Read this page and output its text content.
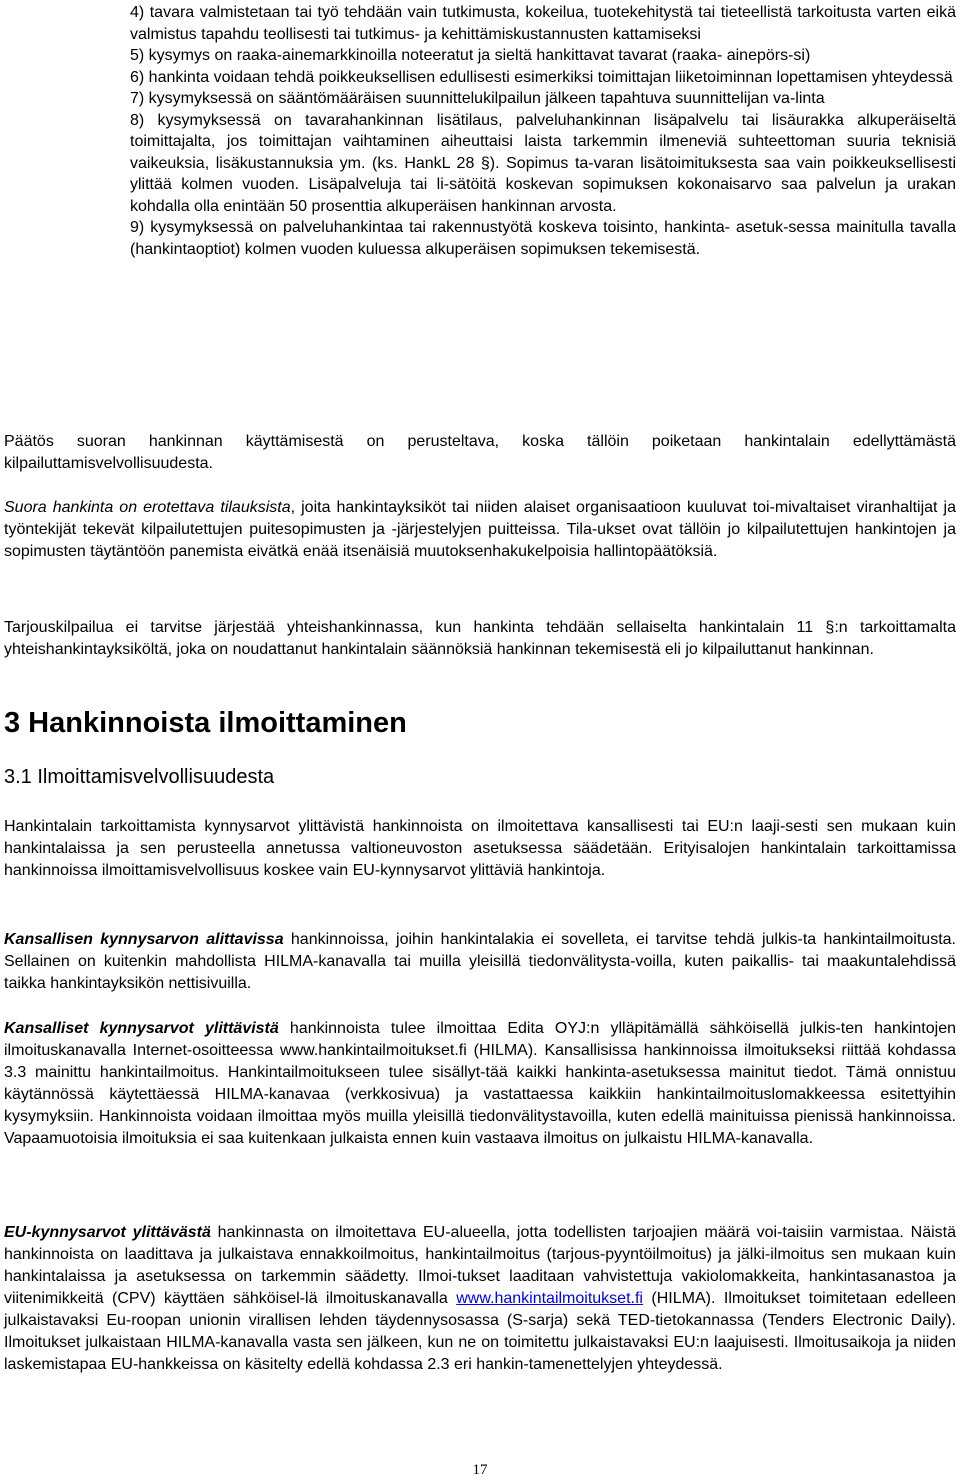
4) tavara valmistetaan tai työ tehdään vain tutkimusta, kokeilua, tuotekehitystä tai tieteellistä tarkoitusta varten eikä valmistus tapahdu teollisesti tai tutkimus- ja kehittämiskustannusten kattamiseksi

5) kysymys on raaka-ainemarkkinoilla noteeratut ja sieltä hankittavat tavarat (raaka- ainepörs-si)

6) hankinta voidaan tehdä poikkeuksellisen edullisesti esimerkiksi toimittajan liiketoiminnan lopettamisen yhteydessä

7) kysymyksessä on sääntömääräisen suunnittelukilpailun jälkeen tapahtuva suunnittelijan va-linta

8) kysymyksessä on tavarahankinnan lisätilaus, palveluhankinnan lisäpalvelu tai lisäurakka alkuperäiseltä toimittajalta, jos toimittajan vaihtaminen aiheuttaisi laista tarkemmin ilmeneviä suhteettoman suuria teknisiä vaikeuksia, lisäkustannuksia ym. (ks. HankL 28 §). Sopimus ta-varan lisätoimituksesta saa vain poikkeuksellisesti ylittää kolmen vuoden. Lisäpalveluja tai li-sätöitä koskevan sopimuksen kokonaisarvo saa palvelun ja urakan kohdalla olla enintään 50 prosenttia alkuperäisen hankinnan arvosta.

9) kysymyksessä on palveluhankintaa tai rakennustyötä koskeva toisinto, hankinta- asetuk-sessa mainitulla tavalla (hankintaoptiot) kolmen vuoden kuluessa alkuperäisen sopimuksen tekemisestä.

Päätös suoran hankinnan käyttämisestä on perusteltava, koska tällöin poiketaan hankintalain edellyttämästä kilpailuttamisvelvollisuudesta.

Suora hankinta on erotettava tilauksista, joita hankintayksiköt tai niiden alaiset organisaatioon kuuluvat toi-mivaltaiset viranhaltijat ja työntekijät tekevät kilpailutettujen puitesopimusten ja -järjestelyjen puitteissa. Tila-ukset ovat tällöin jo kilpailutettujen hankintojen ja sopimusten täytäntöön panemista eivätkä enää itsenäisiä muutoksenhakukelpoisia hallintopäätöksiä.

Tarjouskilpailua ei tarvitse järjestää yhteishankinnassa, kun hankinta tehdään sellaiselta hankintalain 11 §:n tarkoittamalta yhteishankintayksiköltä, joka on noudattanut hankintalain säännöksiä hankinnan tekemisestä eli jo kilpailuttanut hankinnan.

3 Hankinnoista ilmoittaminen
3.1 Ilmoittamisvelvollisuudesta

Hankintalain tarkoittamista kynnysarvot ylittävistä hankinnoista on ilmoitettava kansallisesti tai EU:n laaji-sesti sen mukaan kuin hankintalaissa ja sen perusteella annetussa valtioneuvoston asetuksessa säädetään. Erityisalojen hankintalain tarkoittamissa hankinnoissa ilmoittamisvelvollisuus koskee vain EU-kynnysarvot ylittäviä hankintoja.

Kansallisen kynnysarvon alittavissa hankinnoissa, joihin hankintalakia ei sovelleta, ei tarvitse tehdä julkis-ta hankintailmoitusta. Sellainen on kuitenkin mahdollista HILMA-kanavalla tai muilla yleisillä tiedonvälitysta-voilla, kuten paikallis- tai maakuntalehdissä taikka hankintayksikön nettisivuilla.

Kansalliset kynnysarvot ylittävistä hankinnoista tulee ilmoittaa Edita OYJ:n ylläpitämällä sähköisellä julkis-ten hankintojen ilmoituskanavalla Internet-osoitteessa www.hankintailmoitukset.fi (HILMA). Kansallisissa hankinnoissa ilmoitukseksi riittää kohdassa 3.3 mainittu hankintailmoitus. Hankintailmoitukseen tulee sisällyt-tää kaikki hankinta-asetuksessa mainitut tiedot. Tämä onnistuu käytännössä käytettäessä HILMA-kanavaa (verkkosivua) ja vastattaessa kaikkiin hankintailmoituslomakkeessa esitettyihin kysymyksiin. Hankinnoista voidaan ilmoittaa myös muilla yleisillä tiedonvälitystavoilla, kuten edellä mainituissa pienissä hankinnoissa. Vapaamuotoisia ilmoituksia ei saa kuitenkaan julkaista ennen kuin vastaava ilmoitus on julkaistu HILMA-kanavalla.

EU-kynnysarvot ylittävästä hankinnasta on ilmoitettava EU-alueella, jotta todellisten tarjoajien määrä voi-taisiin varmistaa. Näistä hankinnoista on laadittava ja julkaistava ennakkoilmoitus, hankintailmoitus (tarjous-pyyntöilmoitus) ja jälki-ilmoitus sen mukaan kuin hankintalaissa ja asetuksessa on tarkemmin säädetty. Ilmoi-tukset laaditaan vahvistettuja vakiolomakkeita, hankintasanastoa ja viitenimikkeitä (CPV) käyttäen sähköisel-lä ilmoituskanavalla www.hankintailmoitukset.fi (HILMA). Ilmoitukset toimitetaan edelleen julkaistavaksi Eu-roopan unionin virallisen lehden täydennysosassa (S-sarja) sekä TED-tietokannassa (Tenders Electronic Daily). Ilmoitukset julkaistaan HILMA-kanavalla vasta sen jälkeen, kun ne on toimitettu julkaistavaksi EU:n laajuisesti. Ilmoitusaikoja ja niiden laskemistapaa EU-hankkeissa on käsitelty edellä kohdassa 2.3 eri hankin-tamenettelyjen yhteydessä.

17
